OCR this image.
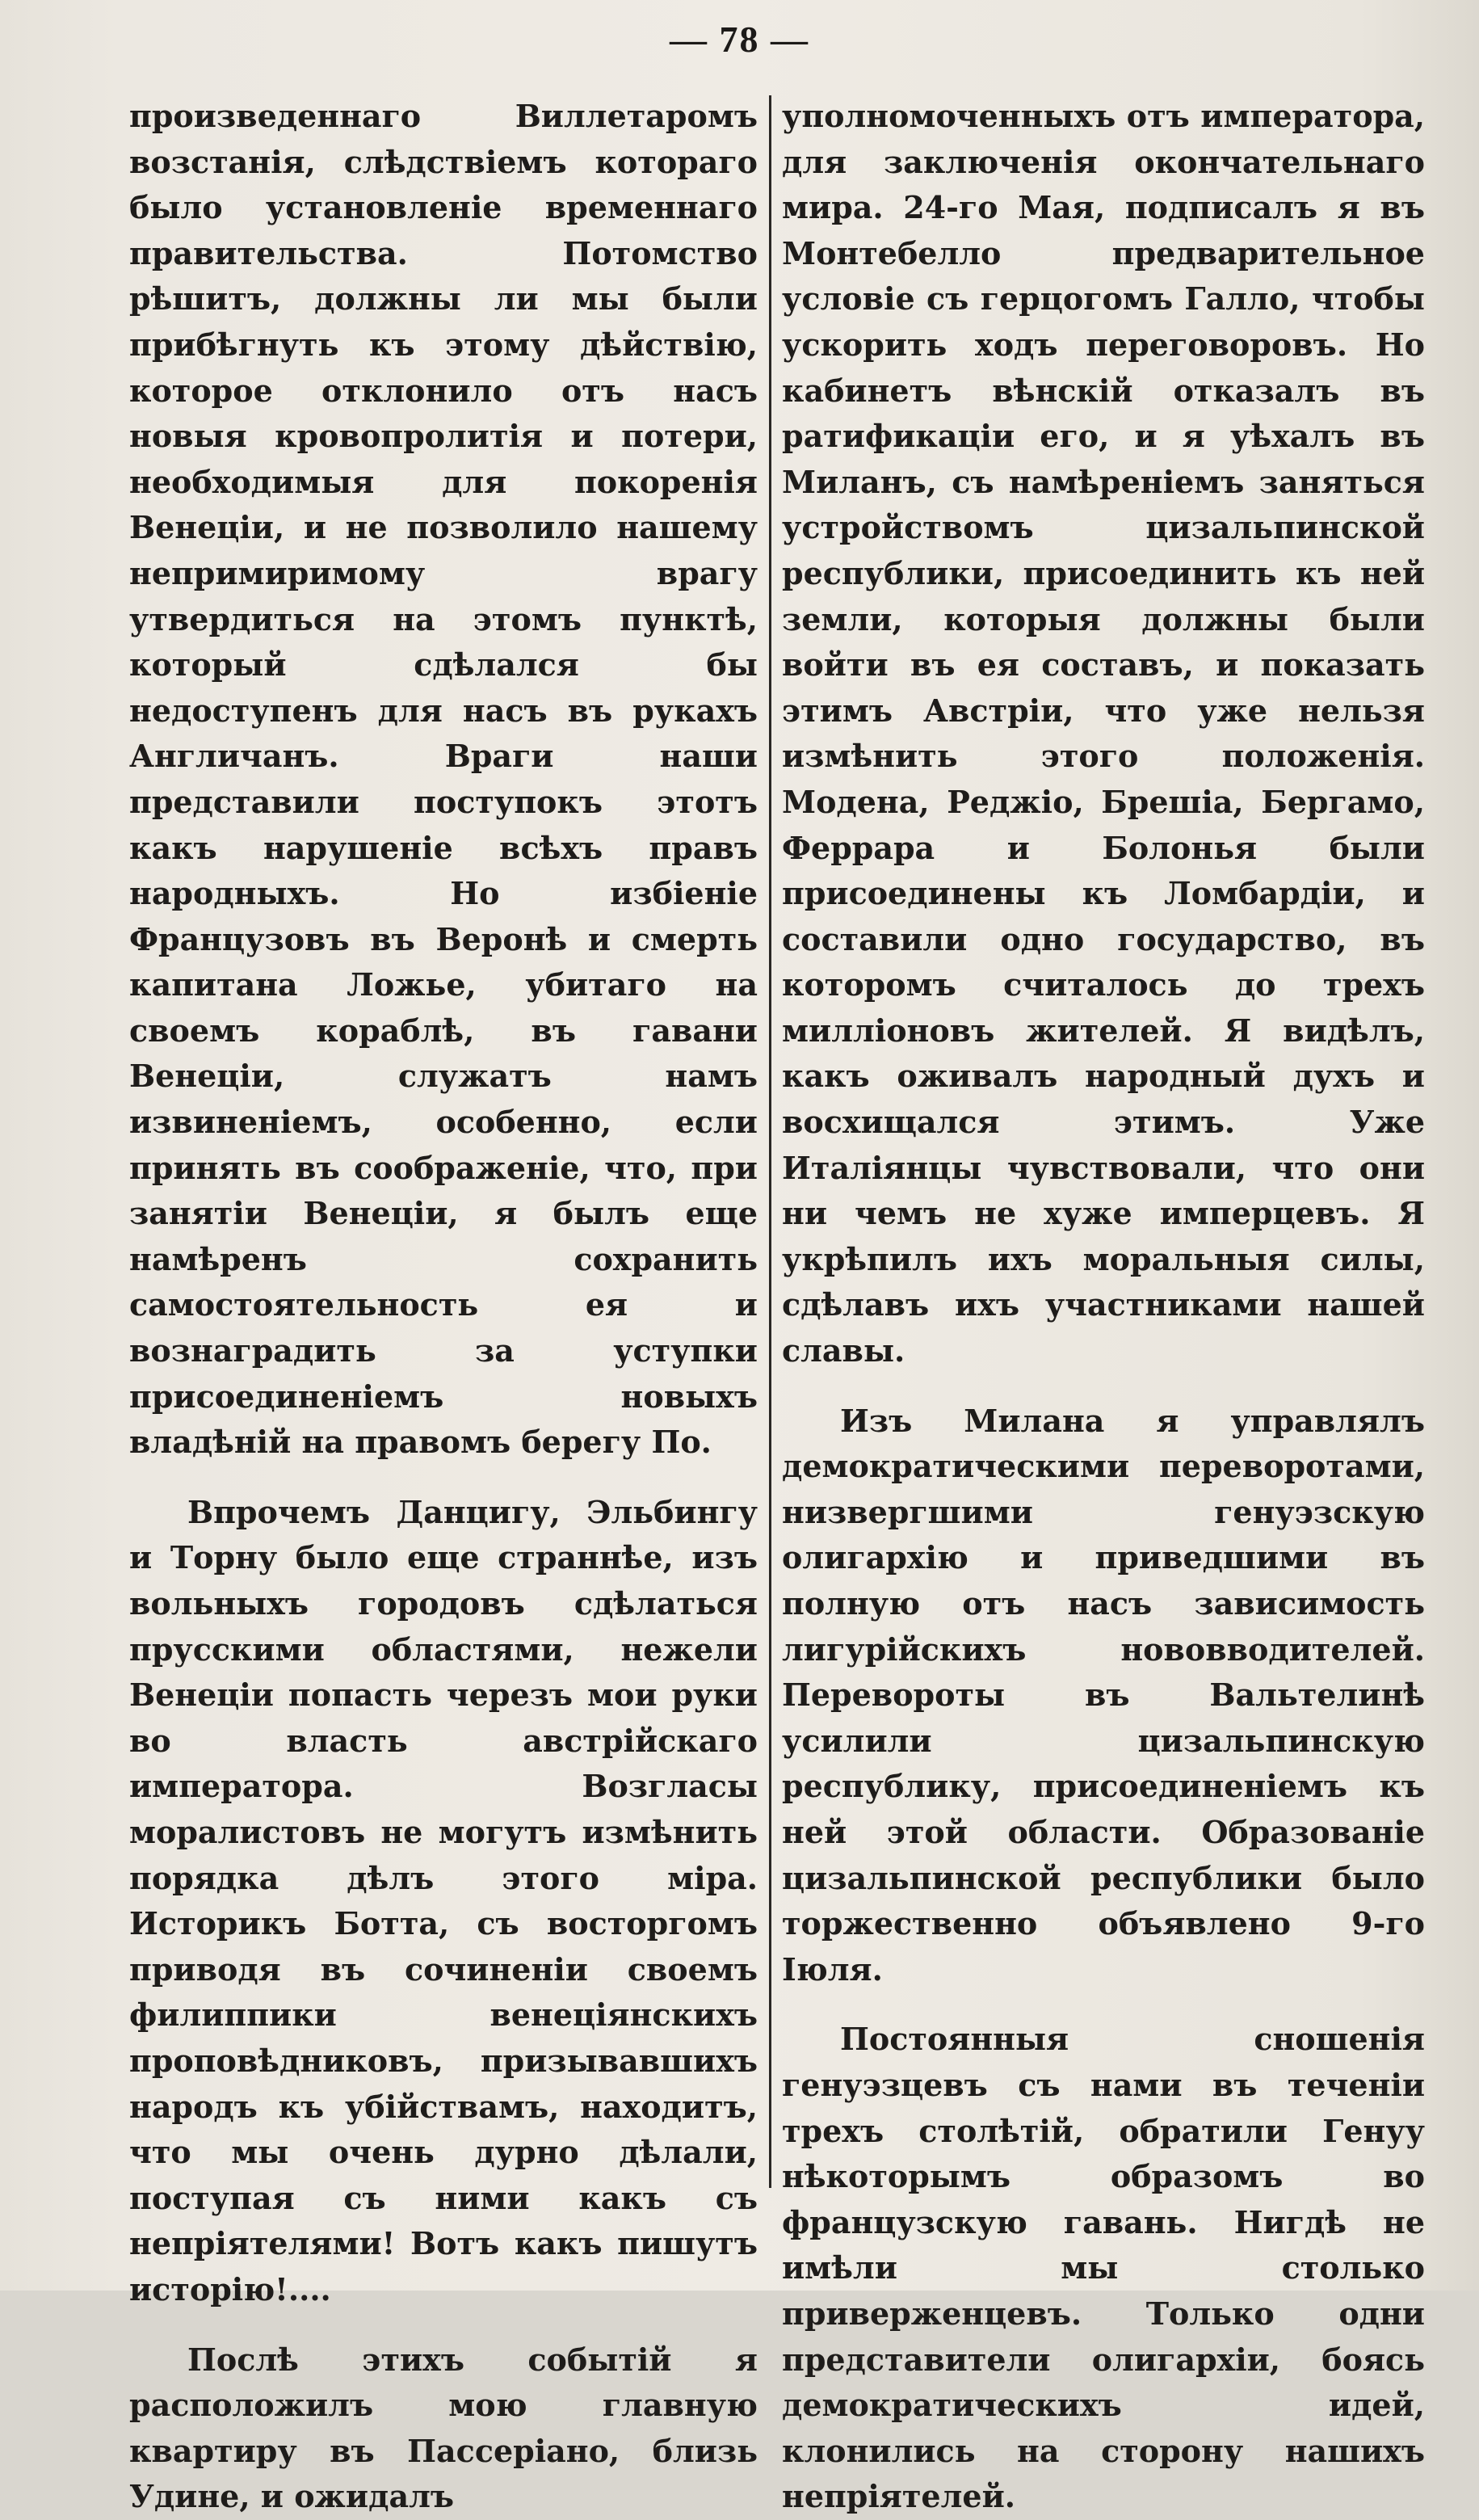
— 78 —

произведеннаго Виллетаромъ возстанія, слѣдствіемъ котораго было установленіе временнаго правительства. Потомство рѣшитъ, должны ли мы были прибѣгнуть къ этому дѣйствію, которое отклонило отъ насъ новыя кровопролитія и потери, необходимыя для покоренія Венеціи, и не позволило нашему непримиримому врагу утвердиться на этомъ пунктѣ, который сдѣлался бы недоступенъ для насъ въ рукахъ Англичанъ. Враги наши представили поступокъ этотъ какъ нарушеніе всѣхъ правъ народныхъ. Но избіеніе Французовъ въ Веронѣ и смерть капитана Ложье, убитаго на своемъ кораблѣ, въ гавани Венеціи, служатъ намъ извиненіемъ, особенно, если принять въ соображеніе, что, при занятіи Венеціи, я былъ еще намѣренъ сохранить самостоятельность ея и вознаградить за уступки присоединеніемъ новыхъ владѣній на правомъ берегу По.

Впрочемъ Данцигу, Эльбингу и Торну было еще страннѣе, изъ вольныхъ городовъ сдѣлаться прусскими областями, нежели Венеціи попасть черезъ мои руки во власть австрійскаго императора. Возгласы моралистовъ не могутъ измѣнить порядка дѣлъ этого міра. Историкъ Ботта, съ восторгомъ приводя въ сочиненіи своемъ филиппики венеціянскихъ проповѣдниковъ, призывавшихъ народъ къ убійствамъ, находитъ, что мы очень дурно дѣлали, поступая съ ними какъ съ непріятелями! Вотъ какъ пишутъ исторію!....

Послѣ этихъ событій я расположилъ мою главную квартиру въ Пассеріано, близь Удине, и ожидалъ

уполномоченныхъ отъ императора, для заключенія окончательнаго мира. 24-го Мая, подписалъ я въ Монтебелло предварительное условіе съ герцогомъ Галло, чтобы ускорить ходъ переговоровъ. Но кабинетъ вѣнскій отказалъ въ ратификаціи его, и я уѣхалъ въ Миланъ, съ намѣреніемъ заняться устройствомъ цизальпинской республики, присоединить къ ней земли, которыя должны были войти въ ея составъ, и показать этимъ Австріи, что уже нельзя измѣнить этого положенія. Модена, Реджіо, Брешіа, Бергамо, Феррара и Болонья были присоединены къ Ломбардіи, и составили одно государство, въ которомъ считалось до трехъ милліоновъ жителей. Я видѣлъ, какъ оживалъ народный духъ и восхищался этимъ. Уже Италіянцы чувствовали, что они ни чемъ не хуже имперцевъ. Я укрѣпилъ ихъ моральныя силы, сдѣлавъ ихъ участниками нашей славы.

Изъ Милана я управлялъ демократическими переворотами, низвергшими генуэзскую олигархію и приведшими въ полную отъ насъ зависимость лигурійскихъ нововводителей. Перевороты въ Вальтелинѣ усилили цизальпинскую республику, присоединеніемъ къ ней этой области. Образованіе цизальпинской республики было торжественно объявлено 9-го Іюля.

Постоянныя сношенія генуэзцевъ съ нами въ теченіи трехъ столѣтій, обратили Генуу нѣкоторымъ образомъ во французскую гавань. Нигдѣ не имѣли мы столько приверженцевъ. Только одни представители олигархіи, боясь демократическихъ идей, клонились на сторону нашихъ непріятелей.
